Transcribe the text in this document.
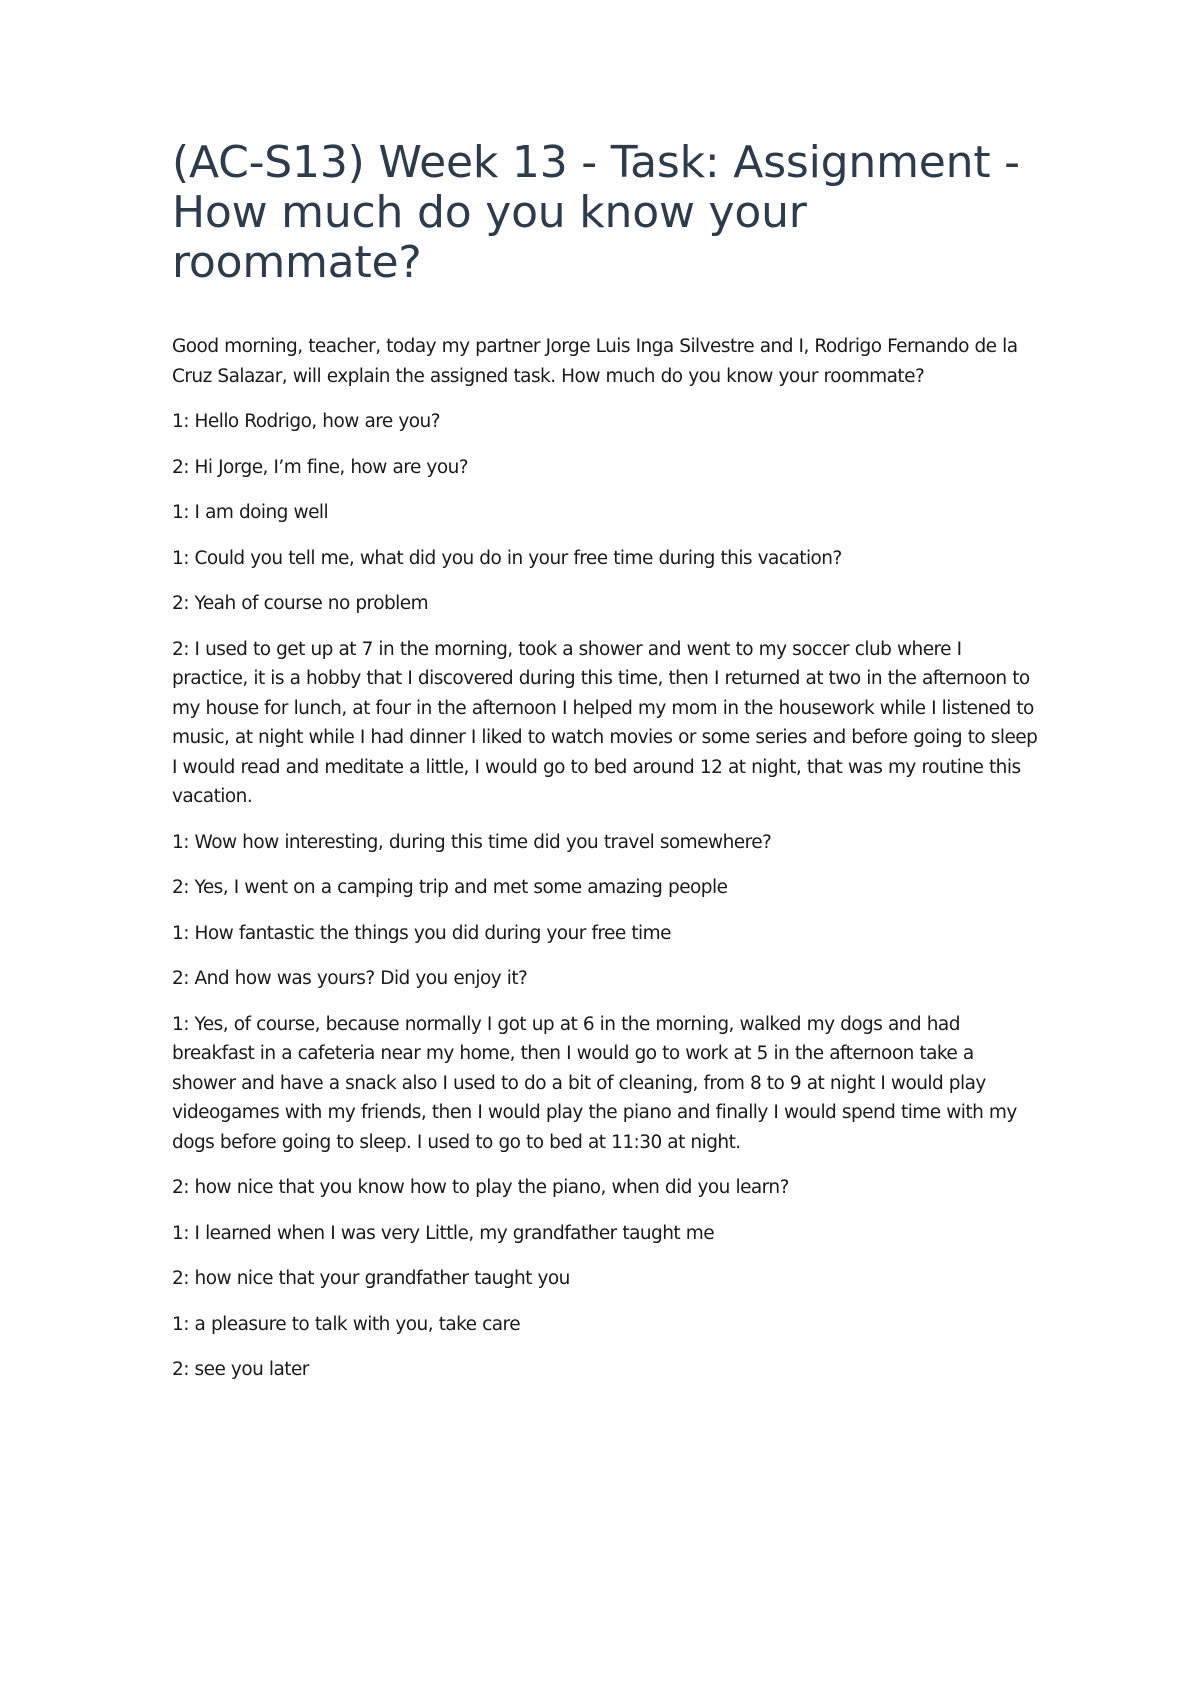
(AC-S13) Week 13 - Task: Assignment - How much do you know your roommate?

Good morning, teacher, today my partner Jorge Luis Inga Silvestre and I, Rodrigo Fernando de la Cruz Salazar, will explain the assigned task. How much do you know your roommate?

1: Hello Rodrigo, how are you?

2: Hi Jorge, I’m fine, how are you?

1: I am doing well

1: Could you tell me, what did you do in your free time during this vacation?

2: Yeah of course no problem

2: I used to get up at 7 in the morning, took a shower and went to my soccer club where I practice, it is a hobby that I discovered during this time, then I returned at two in the afternoon to my house for lunch, at four in the afternoon I helped my mom in the housework while I listened to music, at night while I had dinner I liked to watch movies or some series and before going to sleep I would read and meditate a little, I would go to bed around 12 at night, that was my routine this vacation.

1: Wow how interesting, during this time did you travel somewhere?

2: Yes, I went on a camping trip and met some amazing people

1: How fantastic the things you did during your free time

2: And how was yours? Did you enjoy it?

1: Yes, of course, because normally I got up at 6 in the morning, walked my dogs and had breakfast in a cafeteria near my home, then I would go to work at 5 in the afternoon take a shower and have a snack also I used to do a bit of cleaning, from 8 to 9 at night I would play videogames with my friends, then I would play the piano and finally I would spend time with my dogs before going to sleep. I used to go to bed at 11:30 at night.

2: how nice that you know how to play the piano, when did you learn?

1: I learned when I was very Little, my grandfather taught me

2: how nice that your grandfather taught you

1: a pleasure to talk with you, take care

2: see you later
